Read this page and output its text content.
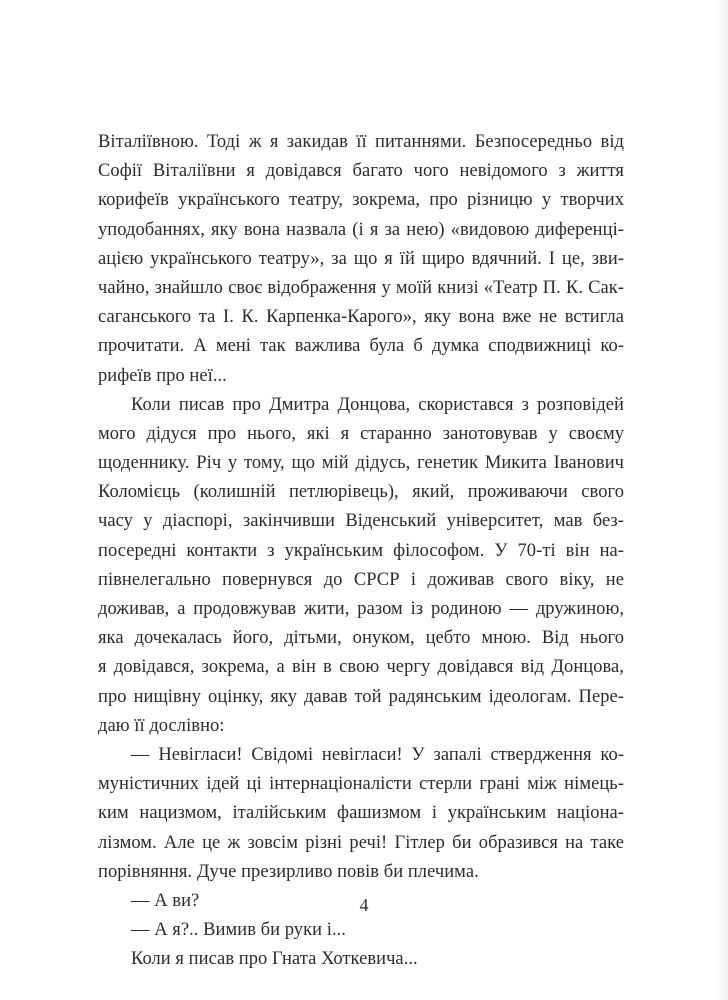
Віталіївною. Тоді ж я закидав її питаннями. Безпосередньо від
Софії Віталіївни я довідався багато чого невідомого з життя
корифеїв українського театру, зокрема, про різницю у творчих
уподобаннях, яку вона назвала (і я за нею) «видовою диференці-
ацією українського театру», за що я їй щиро вдячний. І це, зви-
чайно, знайшло своє відображення у моїй книзі «Театр П. К. Сак-
саганського та І. К. Карпенка-Карого», яку вона вже не встигла
прочитати. А мені так важлива була б думка сподвижниці ко-
рифеїв про неї...
Коли писав про Дмитра Донцова, скористався з розповідей
мого дідуся про нього, які я старанно занотовував у своєму
щоденнику. Річ у тому, що мій дідусь, генетик Микита Іванович
Коломієць (колишній петлюрівець), який, проживаючи свого
часу у діаспорі, закінчивши Віденський університет, мав без-
посередні контакти з українським філософом. У 70-ті він на-
півнелегально повернувся до СРСР і доживав свого віку, не
доживав, а продовжував жити, разом із родиною — дружиною,
яка дочекалась його, дітьми, онуком, цебто мною. Від нього
я довідався, зокрема, а він в свою чергу довідався від Донцова,
про нищівну оцінку, яку давав той радянським ідеологам. Пере-
даю її дослівно:
— Невіглаcи! Свідомі невігласи! У запалі ствердження ко-
муністичних ідей ці інтернаціоналісти стерли грані між німець-
ким нацизмом, італійським фашизмом і українським націона-
лізмом. Але це ж зовсім різні речі! Гітлер би образився на таке
порівняння. Дуче презирливо повів би плечима.
— А ви?
— А я?.. Вимив би руки і...
Коли я писав про Гната Хоткевича...
4
